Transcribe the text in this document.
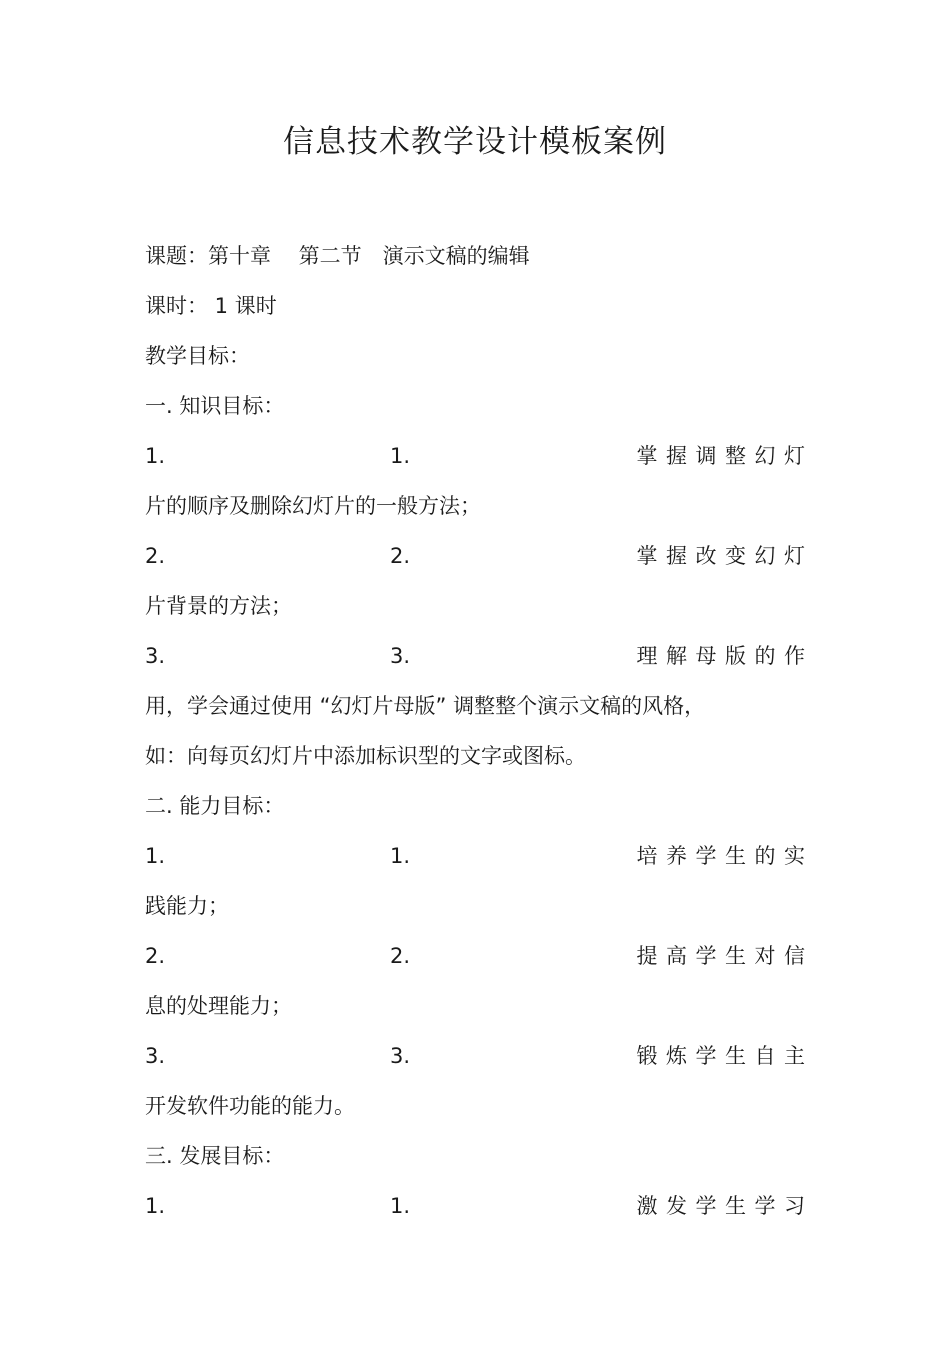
信息技术教学设计模板案例
课题：第十章　 第二节　演示文稿的编辑
课时： 1 课时
教学目标：
一. 知识目标：
1.	1.	掌握调整幻灯
片的顺序及删除幻灯片的一般方法；
2.	2.	掌握改变幻灯
片背景的方法；
3.	3.	理解母版的作
用，学会通过使用 “幻灯片母版” 调整整个演示文稿的风格，
如：向每页幻灯片中添加标识型的文字或图标。
二. 能力目标：
1.	1.	培养学生的实
践能力；
2.	2.	提高学生对信
息的处理能力；
3.	3.	锻炼学生自主
开发软件功能的能力。
三. 发展目标：
1.	1.	激发学生学习
